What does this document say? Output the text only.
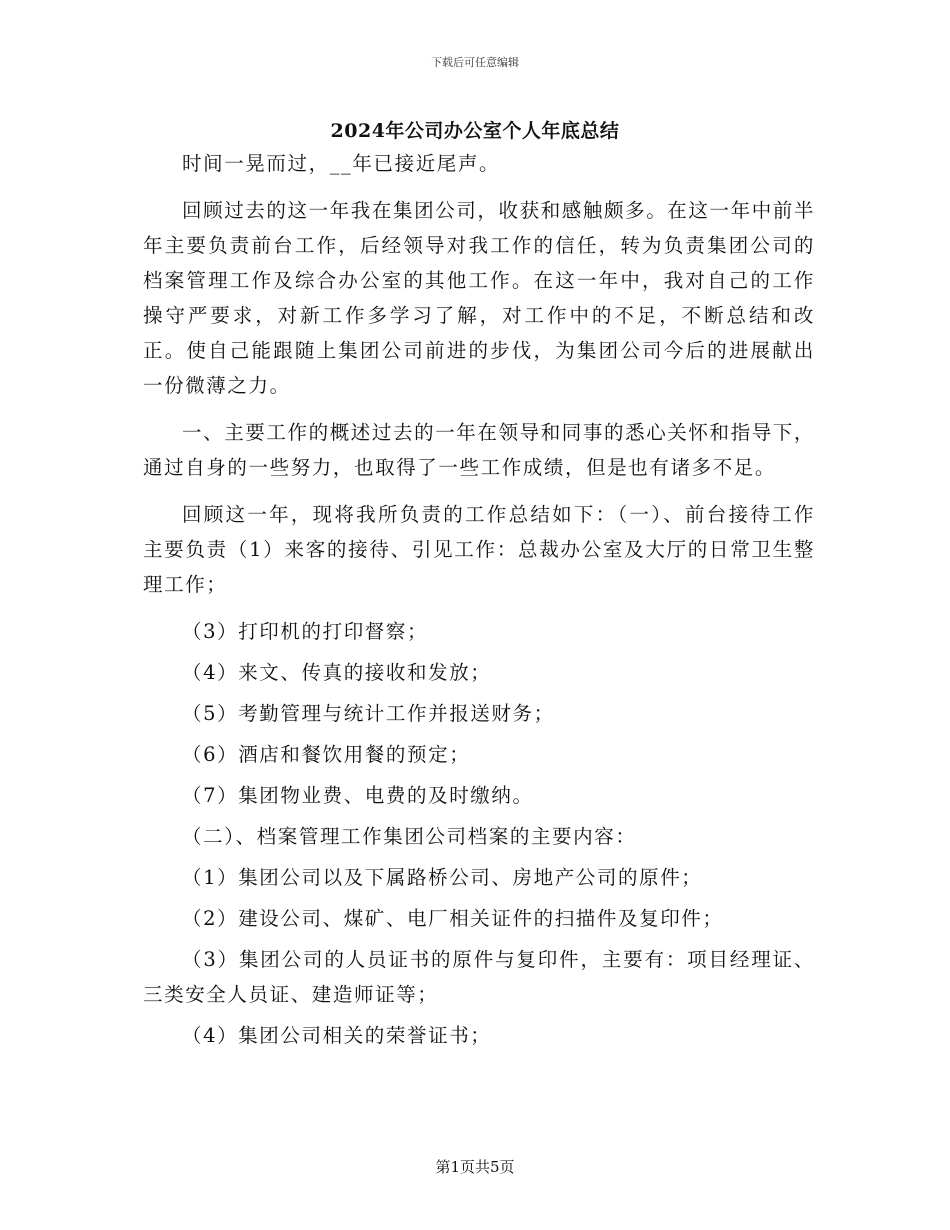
下载后可任意编辑
2024年公司办公室个人年底总结

时间一晃而过，__年已接近尾声。

回顾过去的这一年我在集团公司，收获和感触颇多。在这一年中前半年主要负责前台工作，后经领导对我工作的信任，转为负责集团公司的档案管理工作及综合办公室的其他工作。在这一年中，我对自己的工作操守严要求，对新工作多学习了解，对工作中的不足，不断总结和改正。使自己能跟随上集团公司前进的步伐，为集团公司今后的进展献出一份微薄之力。

一、主要工作的概述过去的一年在领导和同事的悉心关怀和指导下，通过自身的一些努力，也取得了一些工作成绩，但是也有诸多不足。

回顾这一年，现将我所负责的工作总结如下：（一）、前台接待工作主要负责（1）来客的接待、引见工作：总裁办公室及大厅的日常卫生整理工作；

（3）打印机的打印督察；

（4）来文、传真的接收和发放；

（5）考勤管理与统计工作并报送财务；

（6）酒店和餐饮用餐的预定；

（7）集团物业费、电费的及时缴纳。

（二）、档案管理工作集团公司档案的主要内容：

（1）集团公司以及下属路桥公司、房地产公司的原件；

（2）建设公司、煤矿、电厂相关证件的扫描件及复印件；

（3）集团公司的人员证书的原件与复印件，主要有：项目经理证、三类安全人员证、建造师证等；

（4）集团公司相关的荣誉证书；

第1页共5页
